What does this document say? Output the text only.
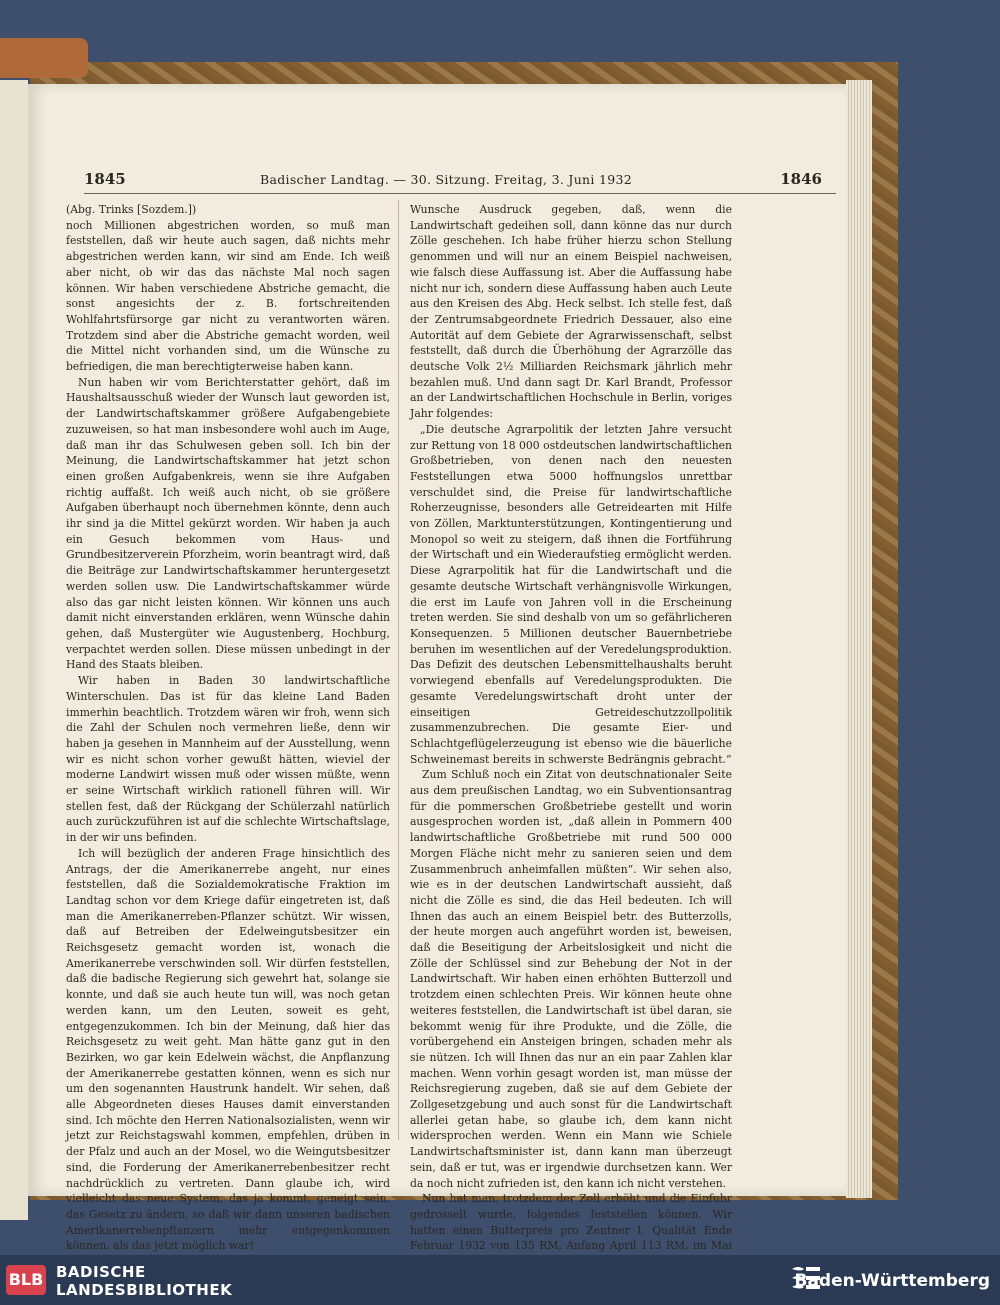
1845	Badischer Landtag. — 30. Sitzung. Freitag, 3. Juni 1932	1846

(Abg. Trinks [Sozdem.])

noch Millionen abgestrichen worden, so muß man feststellen, daß wir heute auch sagen, daß nichts mehr abgestrichen werden kann, wir sind am Ende. Ich weiß aber nicht, ob wir das das nächste Mal noch sagen können. Wir haben verschiedene Abstriche gemacht, die sonst angesichts der z. B. fortschreitenden Wohlfahrtsfürsorge gar nicht zu verantworten wären. Trotzdem sind aber die Abstriche gemacht worden, weil die Mittel nicht vorhanden sind, um die Wünsche zu befriedigen, die man berechtigterweise haben kann.

Nun haben wir vom Berichterstatter gehört, daß im Haushaltsausschuß wieder der Wunsch laut geworden ist, der Landwirtschaftskammer größere Aufgabengebiete zuzuweisen, so hat man insbesondere wohl auch im Auge, daß man ihr das Schulwesen geben soll. Ich bin der Meinung, die Landwirtschaftskammer hat jetzt schon einen großen Aufgabenkreis, wenn sie ihre Aufgaben richtig auffaßt. Ich weiß auch nicht, ob sie größere Aufgaben überhaupt noch übernehmen könnte, denn auch ihr sind ja die Mittel gekürzt worden. Wir haben ja auch ein Gesuch bekommen vom Haus- und Grundbesitzerverein Pforzheim, worin beantragt wird, daß die Beiträge zur Landwirtschaftskammer heruntergesetzt werden sollen usw. Die Landwirtschaftskammer würde also das gar nicht leisten können. Wir können uns auch damit nicht einverstanden erklären, wenn Wünsche dahin gehen, daß Mustergüter wie Augustenberg, Hochburg, verpachtet werden sollen. Diese müssen unbedingt in der Hand des Staats bleiben.

Wir haben in Baden 30 landwirtschaftliche Winterschulen. Das ist für das kleine Land Baden immerhin beachtlich. Trotzdem wären wir froh, wenn sich die Zahl der Schulen noch vermehren ließe, denn wir haben ja gesehen in Mannheim auf der Ausstellung, wenn wir es nicht schon vorher gewußt hätten, wieviel der moderne Landwirt wissen muß oder wissen müßte, wenn er seine Wirtschaft wirklich rationell führen will. Wir stellen fest, daß der Rückgang der Schülerzahl natürlich auch zurückzuführen ist auf die schlechte Wirtschaftslage, in der wir uns befinden.

Ich will bezüglich der anderen Frage hinsichtlich des Antrags, der die Amerikanerrebe angeht, nur eines feststellen, daß die Sozialdemokratische Fraktion im Landtag schon vor dem Kriege dafür eingetreten ist, daß man die Amerikanerreben-Pflanzer schützt. Wir wissen, daß auf Betreiben der Edelweingutsbesitzer ein Reichsgesetz gemacht worden ist, wonach die Amerikanerrebe verschwinden soll. Wir dürfen feststellen, daß die badische Regierung sich gewehrt hat, solange sie konnte, und daß sie auch heute tun will, was noch getan werden kann, um den Leuten, soweit es geht, entgegenzukommen. Ich bin der Meinung, daß hier das Reichsgesetz zu weit geht. Man hätte ganz gut in den Bezirken, wo gar kein Edelwein wächst, die Anpflanzung der Amerikanerrebe gestatten können, wenn es sich nur um den sogenannten Haustrunk handelt. Wir sehen, daß alle Abgeordneten dieses Hauses damit einverstanden sind. Ich möchte den Herren Nationalsozialisten, wenn wir jetzt zur Reichstagswahl kommen, empfehlen, drüben in der Pfalz und auch an der Mosel, wo die Weingutsbesitzer sind, die Forderung der Amerikanerrebenbesitzer recht nachdrücklich zu vertreten. Dann glaube ich, wird vielleicht das neue System, das ja kommt, geneigt sein, das Gesetz zu ändern, so daß wir dann unseren badischen Amerikanerrebenpflanzern mehr entgegenkommen können, als das jetzt möglich war!

Wunsche Ausdruck gegeben, daß, wenn die Landwirtschaft gedeihen soll, dann könne das nur durch Zölle geschehen. Ich habe früher hierzu schon Stellung genommen und will nur an einem Beispiel nachweisen, wie falsch diese Auffassung ist. Aber die Auffassung habe nicht nur ich, sondern diese Auffassung haben auch Leute aus den Kreisen des Abg. Heck selbst. Ich stelle fest, daß der Zentrumsabgeordnete Friedrich Dessauer, also eine Autorität auf dem Gebiete der Agrarwissenschaft, selbst feststellt, daß durch die Überhöhung der Agrarzölle das deutsche Volk 2½ Milliarden Reichsmark jährlich mehr bezahlen muß. Und dann sagt Dr. Karl Brandt, Professor an der Landwirtschaftlichen Hochschule in Berlin, voriges Jahr folgendes:

„Die deutsche Agrarpolitik der letzten Jahre versucht zur Rettung von 18 000 ostdeutschen landwirtschaftlichen Großbetrieben, von denen nach den neuesten Feststellungen etwa 5000 hoffnungslos unrettbar verschuldet sind, die Preise für landwirtschaftliche Roherzeugnisse, besonders alle Getreidearten mit Hilfe von Zöllen, Marktunterstützungen, Kontingentierung und Monopol so weit zu steigern, daß ihnen die Fortführung der Wirtschaft und ein Wiederaufstieg ermöglicht werden. Diese Agrarpolitik hat für die Landwirtschaft und die gesamte deutsche Wirtschaft verhängnisvolle Wirkungen, die erst im Laufe von Jahren voll in die Erscheinung treten werden. Sie sind deshalb von um so gefährlicheren Konsequenzen. 5 Millionen deutscher Bauernbetriebe beruhen im wesentlichen auf der Veredelungsproduktion. Das Defizit des deutschen Lebensmittelhaushalts beruht vorwiegend ebenfalls auf Veredelungsprodukten. Die gesamte Veredelungswirtschaft droht unter der einseitigen Getreideschutzzollpolitik zusammenzubrechen. Die gesamte Eier- und Schlachtgeflügelerzeugung ist ebenso wie die bäuerliche Schweinemast bereits in schwerste Bedrängnis gebracht.“

Zum Schluß noch ein Zitat von deutschnationaler Seite aus dem preußischen Landtag, wo ein Subventionsantrag für die pommerschen Großbetriebe gestellt und worin ausgesprochen worden ist, „daß allein in Pommern 400 landwirtschaftliche Großbetriebe mit rund 500 000 Morgen Fläche nicht mehr zu sanieren seien und dem Zusammenbruch anheimfallen müßten“. Wir sehen also, wie es in der deutschen Landwirtschaft aussieht, daß nicht die Zölle es sind, die das Heil bedeuten. Ich will Ihnen das auch an einem Beispiel betr. des Butterzolls, der heute morgen auch angeführt worden ist, beweisen, daß die Beseitigung der Arbeitslosigkeit und nicht die Zölle der Schlüssel sind zur Behebung der Not in der Landwirtschaft. Wir haben einen erhöhten Butterzoll und trotzdem einen schlechten Preis. Wir können heute ohne weiteres feststellen, die Landwirtschaft ist übel daran, sie bekommt wenig für ihre Produkte, und die Zölle, die vorübergehend ein Ansteigen bringen, schaden mehr als sie nützen. Ich will Ihnen das nur an ein paar Zahlen klar machen. Wenn vorhin gesagt worden ist, man müsse der Reichsregierung zugeben, daß sie auf dem Gebiete der Zollgesetzgebung und auch sonst für die Landwirtschaft allerlei getan habe, so glaube ich, dem kann nicht widersprochen werden. Wenn ein Mann wie Schiele Landwirtschaftsminister ist, dann kann man überzeugt sein, daß er tut, was er irgendwie durchsetzen kann. Wer da noch nicht zufrieden ist, den kann ich nicht verstehen.

Nun hat man, trotzdem der Zoll erhöht und die Einfuhr gedrosselt wurde, folgendes feststellen können. Wir hatten einen Butterpreis pro Zentner I. Qualität Ende Februar 1932 von 135 RM, Anfang April 113 RM, im Mai

BLB BADISCHE
LANDESBIBLIOTHEK	Baden-Württemberg
